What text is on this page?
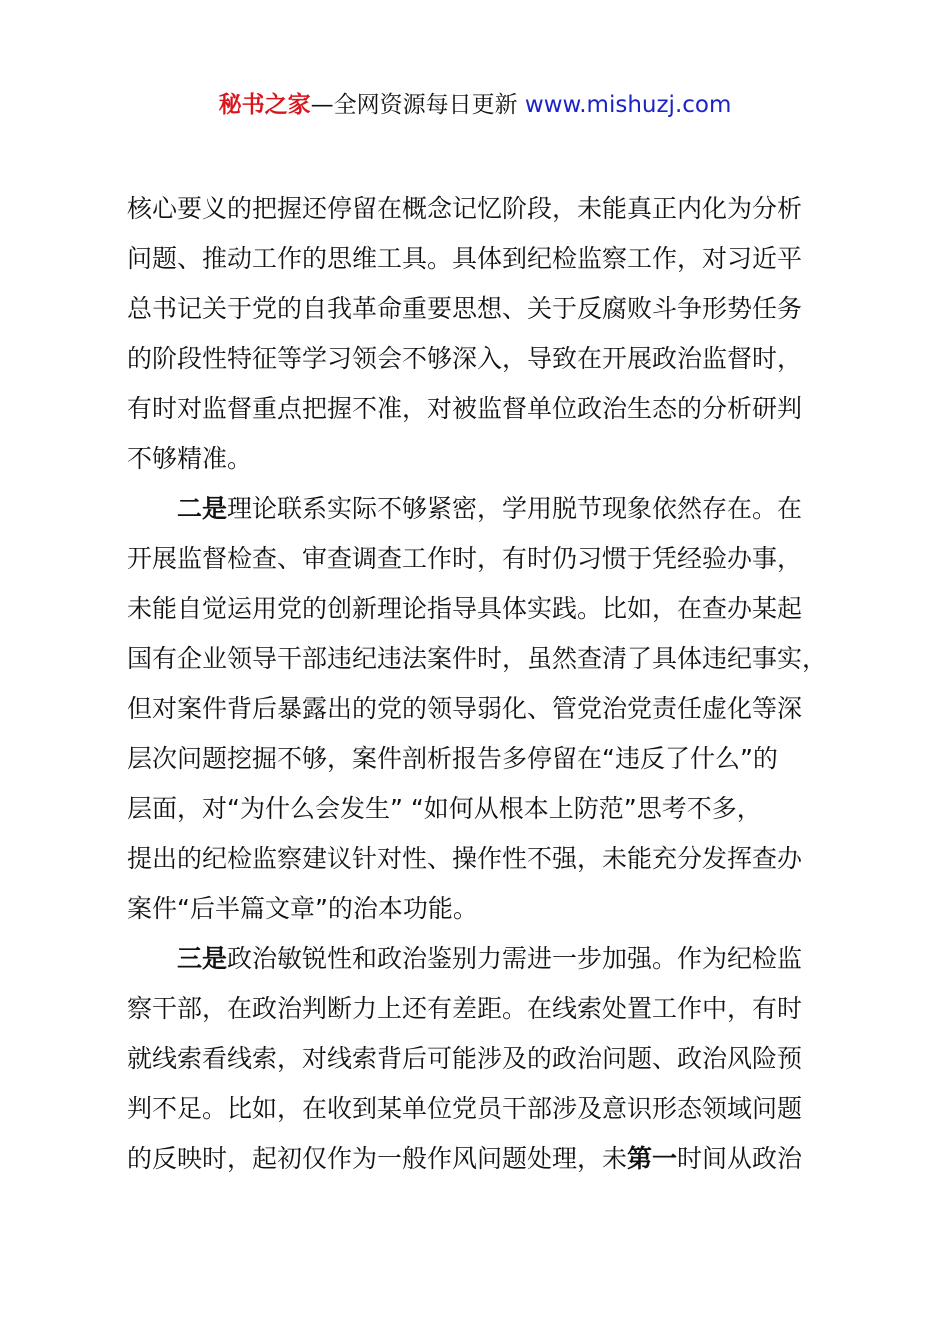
秘书之家—全网资源每日更新 www.mishuzj.com
核心要义的把握还停留在概念记忆阶段，未能真正内化为分析
问题、推动工作的思维工具。具体到纪检监察工作，对习近平
总书记关于党的自我革命重要思想、关于反腐败斗争形势任务
的阶段性特征等学习领会不够深入，导致在开展政治监督时，
有时对监督重点把握不准，对被监督单位政治生态的分析研判
不够精准。
二是理论联系实际不够紧密，学用脱节现象依然存在。在
开展监督检查、审查调查工作时，有时仍习惯于凭经验办事，
未能自觉运用党的创新理论指导具体实践。比如，在查办某起
国有企业领导干部违纪违法案件时，虽然查清了具体违纪事实，
但对案件背后暴露出的党的领导弱化、管党治党责任虚化等深
层次问题挖掘不够，案件剖析报告多停留在“违反了什么”的
层面，对“为什么会发生” “如何从根本上防范”思考不多，
提出的纪检监察建议针对性、操作性不强，未能充分发挥查办
案件“后半篇文章”的治本功能。
三是政治敏锐性和政治鉴别力需进一步加强。作为纪检监
察干部，在政治判断力上还有差距。在线索处置工作中，有时
就线索看线索，对线索背后可能涉及的政治问题、政治风险预
判不足。比如，在收到某单位党员干部涉及意识形态领域问题
的反映时，起初仅作为一般作风问题处理，未第一时间从政治
